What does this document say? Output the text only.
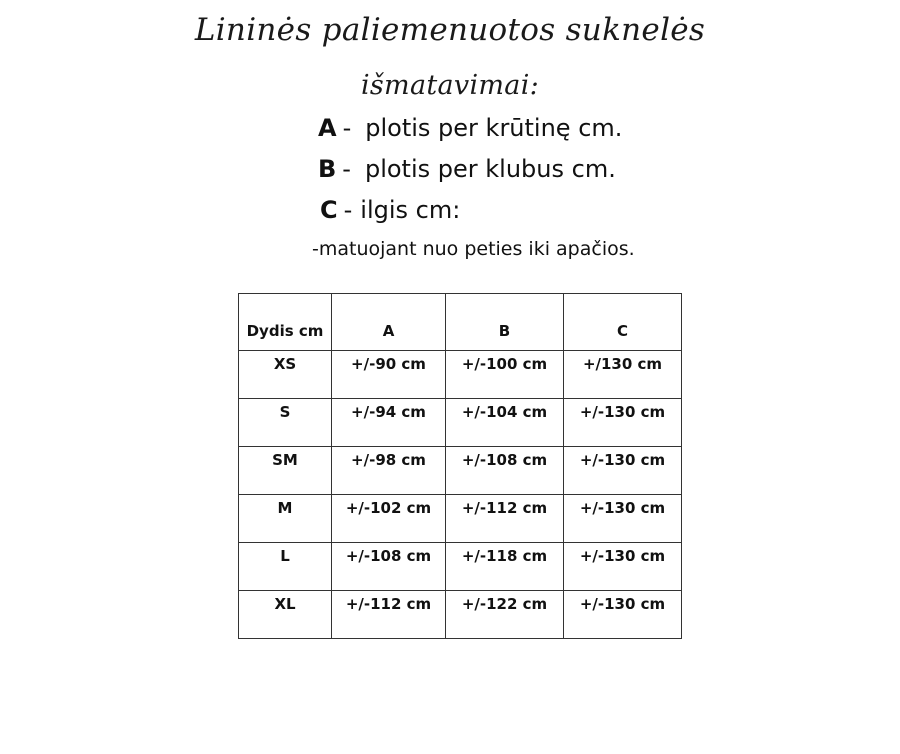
Lininės paliemenuotos suknelės
išmatavimai:
A - plotis per krūtinę cm.
B - plotis per klubus cm.
C - ilgis cm:
-matuojant nuo peties iki apačios.
Dydis cm	A	B	C
XS	+/-90 cm	+/-100 cm	+/130 cm
S	+/-94 cm	+/-104 cm	+/-130 cm
SM	+/-98 cm	+/-108 cm	+/-130 cm
M	+/-102 cm	+/-112 cm	+/-130 cm
L	+/-108 cm	+/-118 cm	+/-130 cm
XL	+/-112 cm	+/-122 cm	+/-130 cm
